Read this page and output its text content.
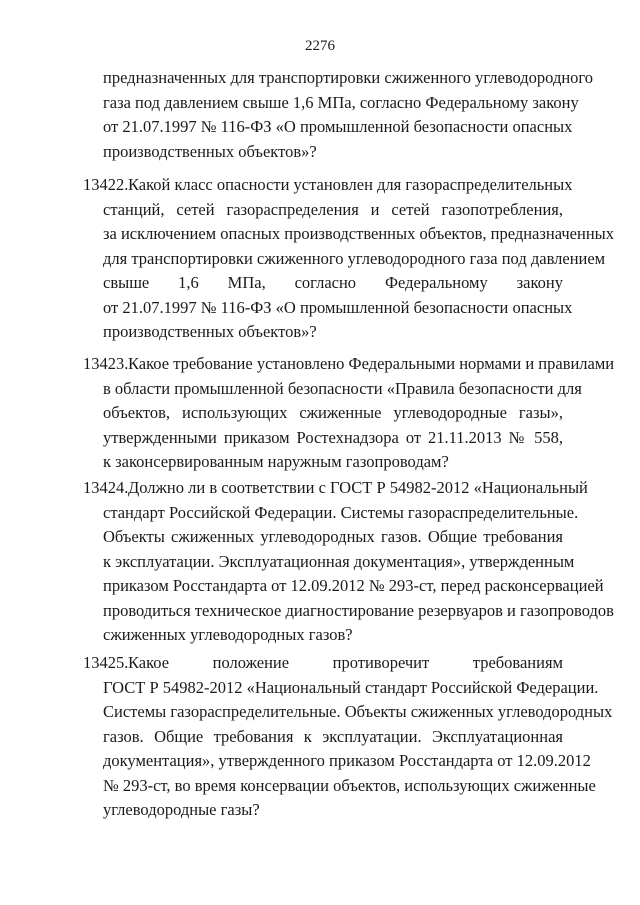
2276
предназначенных для транспортировки сжиженного углеводородного
газа под давлением свыше 1,6 МПа, согласно Федеральному закону
от 21.07.1997 № 116-ФЗ «О промышленной безопасности опасных
производственных объектов»?
13422. Какой класс опасности установлен для газораспределительных
станций, сетей газораспределения и сетей газопотребления,
за исключением опасных производственных объектов, предназначенных
для транспортировки сжиженного углеводородного газа под давлением
свыше 1,6 МПа, согласно Федеральному закону
от 21.07.1997 № 116-ФЗ «О промышленной безопасности опасных
производственных объектов»?
13423. Какое требование установлено Федеральными нормами и правилами
в области промышленной безопасности «Правила безопасности для
объектов, использующих сжиженные углеводородные газы»,
утвержденными приказом Ростехнадзора от 21.11.2013 № 558,
к законсервированным наружным газопроводам?
13424. Должно ли в соответствии с ГОСТ Р 54982-2012 «Национальный
стандарт Российской Федерации. Системы газораспределительные.
Объекты сжиженных углеводородных газов. Общие требования
к эксплуатации. Эксплуатационная документация», утвержденным
приказом Росстандарта от 12.09.2012 № 293-ст, перед расконсервацией
проводиться техническое диагностирование резервуаров и газопроводов
сжиженных углеводородных газов?
13425. Какое положение противоречит требованиям
ГОСТ Р 54982-2012 «Национальный стандарт Российской Федерации.
Системы газораспределительные. Объекты сжиженных углеводородных
газов. Общие требования к эксплуатации. Эксплуатационная
документация», утвержденного приказом Росстандарта от 12.09.2012
№ 293-ст, во время консервации объектов, использующих сжиженные
углеводородные газы?
